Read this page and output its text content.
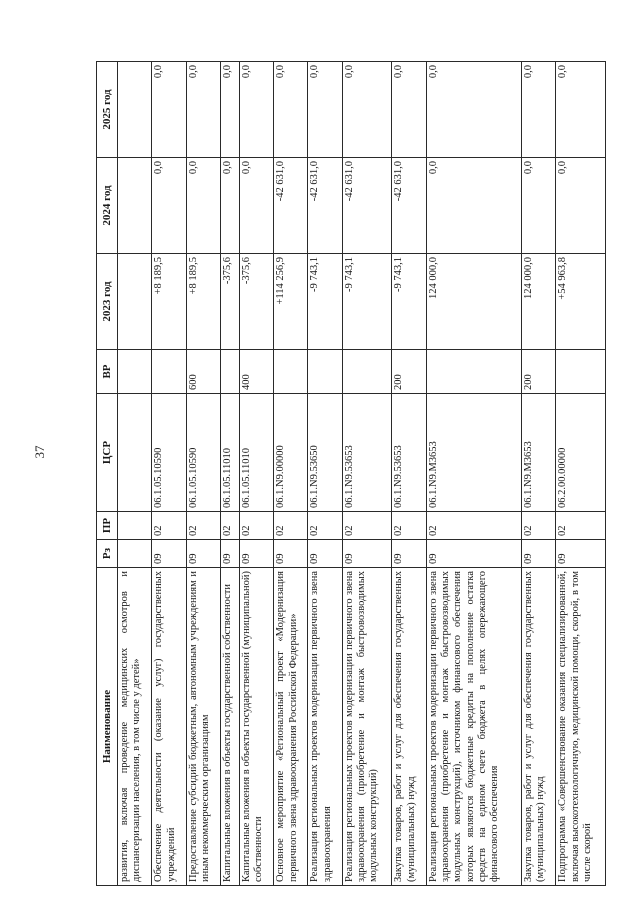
37
Наименование	Рз	ПР	ЦСР	ВР	2023 год	2024 год	2025 год
развития, включая проведение медицинских осмотров и диспансеризации населения, в том числе у детей»							
Обеспечение деятельности (оказание услуг) государственных учреждений	09	02	06.1.05.10590		+8 189,5	0,0	0,0
Предоставление субсидий бюджетным, автономным учреждениям и иным некоммерческим организациям	09	02	06.1.05.10590	600	+8 189,5	0,0	0,0
Капитальные вложения в объекты государственной собственности	09	02	06.1.05.11010		-375,6	0,0	0,0
Капитальные вложения в объекты государственной (муниципальной) собственности	09	02	06.1.05.11010	400	-375,6	0,0	0,0
Основное мероприятие «Региональный проект «Модернизация первичного звена здравоохранения Российской Федерации»	09	02	06.1.N9.00000		+114 256,9	-42 631,0	0,0
Реализация региональных проектов модернизации первичного звена здравоохранения	09	02	06.1.N9.53650		-9 743,1	-42 631,0	0,0
Реализация региональных проектов модернизации первичного звена здравоохранения (приобретение и монтаж быстровозводимых модульных конструкций)	09	02	06.1.N9.53653		-9 743,1	-42 631,0	0,0
Закупка товаров, работ и услуг для обеспечения государственных (муниципальных) нужд	09	02	06.1.N9.53653	200	-9 743,1	-42 631,0	0,0
Реализация региональных проектов модернизации первичного звена здравоохранения (приобретение и монтаж быстровозводимых модульных конструкций), источником финансового обеспечения которых являются бюджетные кредиты на пополнение остатка средств на едином счете бюджета в целях опережающего финансового обеспечения	09	02	06.1.N9.М3653		124 000,0	0,0	0,0
Закупка товаров, работ и услуг для обеспечения государственных (муниципальных) нужд	09	02	06.1.N9.М3653	200	124 000,0	0,0	0,0
Подпрограмма «Совершенствование оказания специализированной, включая высокотехнологичную, медицинской помощи, скорой, в том числе скорой	09	02	06.2.00.00000		+54 963,8	0,0	0,0
